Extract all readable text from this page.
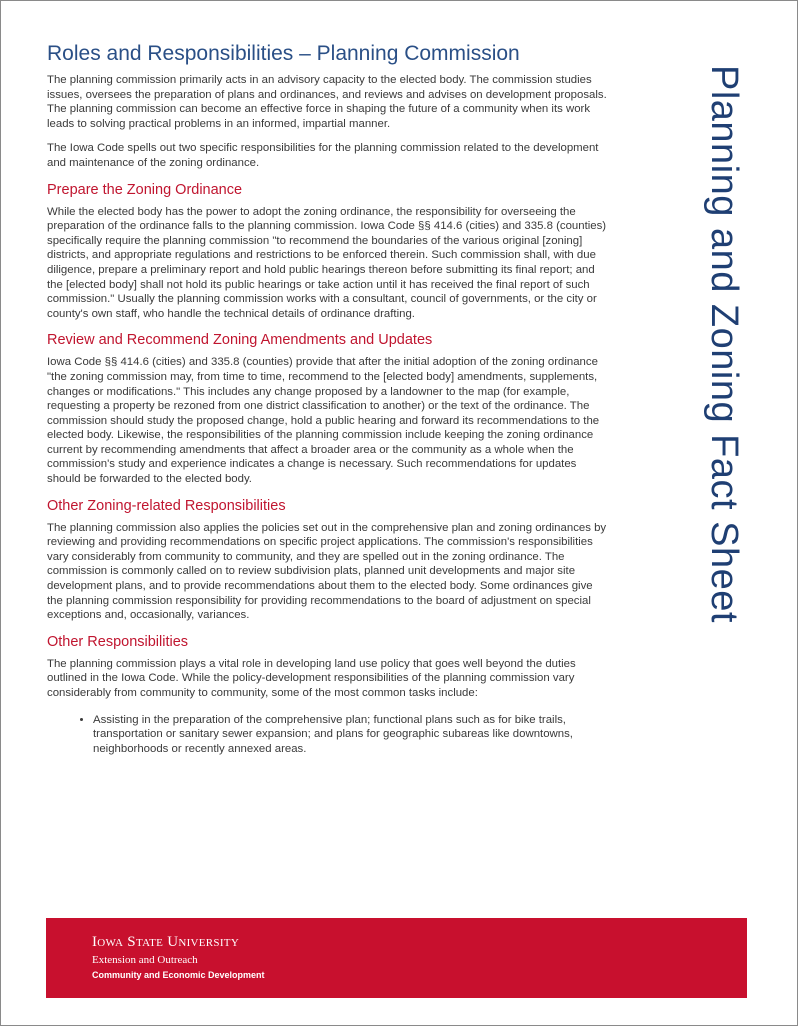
Roles and Responsibilities – Planning Commission

The planning commission primarily acts in an advisory capacity to the elected body. The commission studies issues, oversees the preparation of plans and ordinances, and reviews and advises on development proposals. The planning commission can become an effective force in shaping the future of a community when its work leads to solving practical problems in an informed, impartial manner.

The Iowa Code spells out two specific responsibilities for the planning commission related to the development and maintenance of the zoning ordinance.

Prepare the Zoning Ordinance

While the elected body has the power to adopt the zoning ordinance, the responsibility for overseeing the preparation of the ordinance falls to the planning commission. Iowa Code §§ 414.6 (cities) and 335.8 (counties) specifically require the planning commission "to recommend the boundaries of the various original [zoning] districts, and appropriate regulations and restrictions to be enforced therein. Such commission shall, with due diligence, prepare a preliminary report and hold public hearings thereon before submitting its final report; and the [elected body] shall not hold its public hearings or take action until it has received the final report of such commission." Usually the planning commission works with a consultant, council of governments, or the city or county's own staff, who handle the technical details of ordinance drafting.

Review and Recommend Zoning Amendments and Updates

Iowa Code §§ 414.6 (cities) and 335.8 (counties) provide that after the initial adoption of the zoning ordinance "the zoning commission may, from time to time, recommend to the [elected body] amendments, supplements, changes or modifications." This includes any change proposed by a landowner to the map (for example, requesting a property be rezoned from one district classification to another) or the text of the ordinance. The commission should study the proposed change, hold a public hearing and forward its recommendations to the elected body. Likewise, the responsibilities of the planning commission include keeping the zoning ordinance current by recommending amendments that affect a broader area or the community as a whole when the commission's study and experience indicates a change is necessary. Such recommendations for updates should be forwarded to the elected body.

Other Zoning-related Responsibilities

The planning commission also applies the policies set out in the comprehensive plan and zoning ordinances by reviewing and providing recommendations on specific project applications. The commission's responsibilities vary considerably from community to community, and they are spelled out in the zoning ordinance. The commission is commonly called on to review subdivision plats, planned unit developments and major site development plans, and to provide recommendations about them to the elected body. Some ordinances give the planning commission responsibility for providing recommendations to the board of adjustment on special exceptions and, occasionally, variances.

Other Responsibilities

The planning commission plays a vital role in developing land use policy that goes well beyond the duties outlined in the Iowa Code. While the policy-development responsibilities of the planning commission vary considerably from community to community, some of the most common tasks include:

• Assisting in the preparation of the comprehensive plan; functional plans such as for bike trails, transportation or sanitary sewer expansion; and plans for geographic subareas like downtowns, neighborhoods or recently annexed areas.
Planning and Zoning Fact Sheet
Iowa State University
Extension and Outreach
Community and Economic Development
